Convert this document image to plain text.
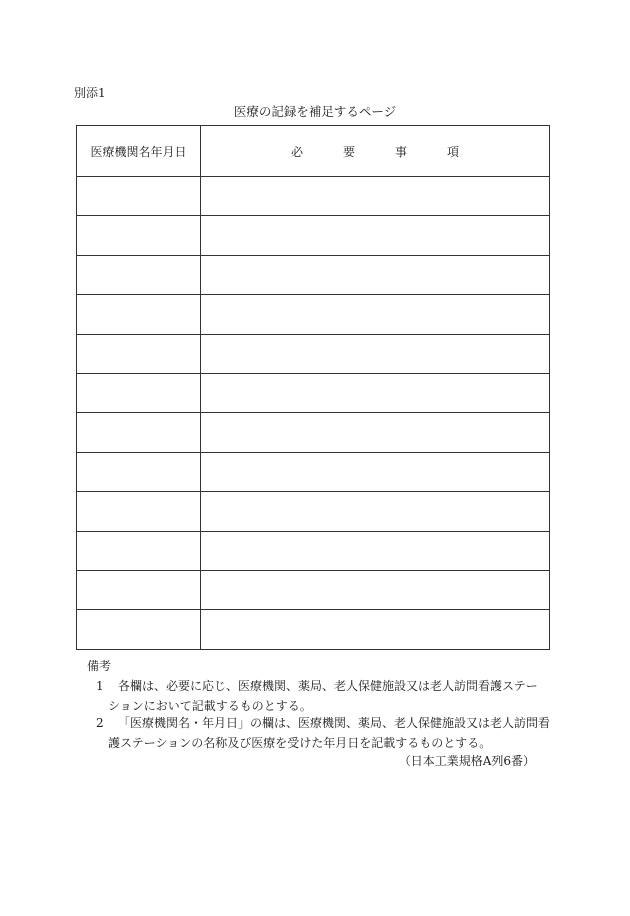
別添1
医療の記録を補足するページ
医療機関名年月日	必 要 事 項

備考
1 各欄は、必要に応じ、医療機関、薬局、老人保健施設又は老人訪問看護ステー
ションにおいて記載するものとする。
2 「医療機関名・年月日」の欄は、医療機関、薬局、老人保健施設又は老人訪問看
護ステーションの名称及び医療を受けた年月日を記載するものとする。
（日本工業規格A列6番）
